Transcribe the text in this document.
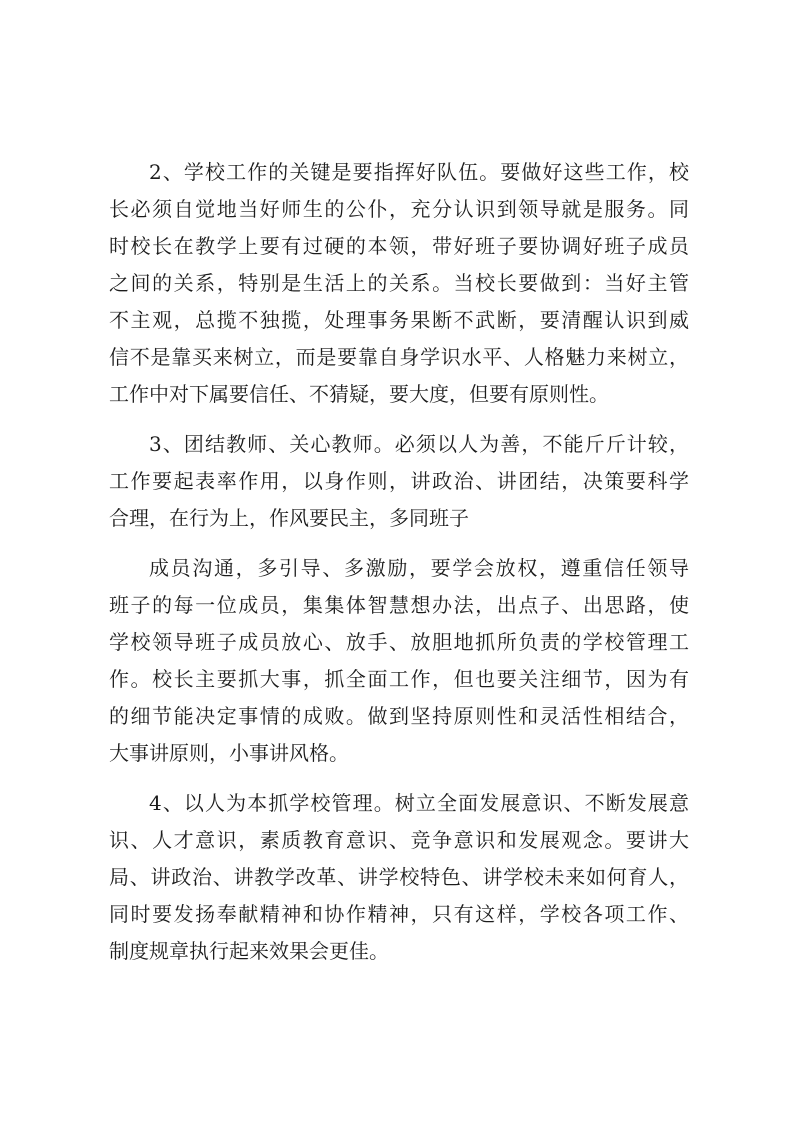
2、学校工作的关键是要指挥好队伍。要做好这些工作，校
长必须自觉地当好师生的公仆，充分认识到领导就是服务。同
时校长在教学上要有过硬的本领，带好班子要协调好班子成员
之间的关系，特别是生活上的关系。当校长要做到：当好主管
不主观，总揽不独揽，处理事务果断不武断，要清醒认识到威
信不是靠买来树立，而是要靠自身学识水平、人格魅力来树立，
工作中对下属要信任、不猜疑，要大度，但要有原则性。
3、团结教师、关心教师。必须以人为善，不能斤斤计较，
工作要起表率作用，以身作则，讲政治、讲团结，决策要科学
合理，在行为上，作风要民主，多同班子
成员沟通，多引导、多激励，要学会放权，遵重信任领导
班子的每一位成员，集集体智慧想办法，出点子、出思路，使
学校领导班子成员放心、放手、放胆地抓所负责的学校管理工
作。校长主要抓大事，抓全面工作，但也要关注细节，因为有
的细节能决定事情的成败。做到坚持原则性和灵活性相结合，
大事讲原则，小事讲风格。
4、以人为本抓学校管理。树立全面发展意识、不断发展意
识、人才意识，素质教育意识、竞争意识和发展观念。要讲大
局、讲政治、讲教学改革、讲学校特色、讲学校未来如何育人，
同时要发扬奉献精神和协作精神，只有这样，学校各项工作、
制度规章执行起来效果会更佳。
